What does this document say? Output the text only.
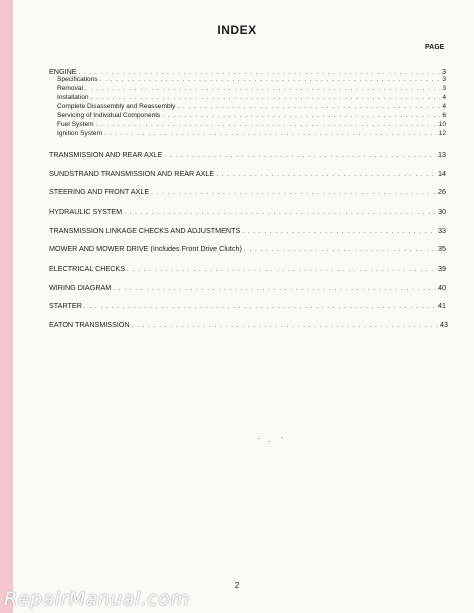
INDEX
PAGE
ENGINE . . .	3
Specifications . . .	3
Removal . . .	3
Installation . . .	4
Complete Disassembly and Reassembly . . .	4
Servicing of Individual Components . . .	6
Fuel System . . .	10
Ignition System . . .	12
TRANSMISSION AND REAR AXLE . . .	13
SUNDSTRAND TRANSMISSION AND REAR AXLE . . .	14
STEERING AND FRONT AXLE . . .	26
HYDRAULIC SYSTEM . . .	30
TRANSMISSION LINKAGE CHECKS AND ADJUSTMENTS . . .	33
MOWER AND MOWER DRIVE (Includes Front Drive Clutch) . . .	35
ELECTRICAL CHECKS . . .	39
WIRING DIAGRAM . . .	40
STARTER . . .	41
EATON TRANSMISSION . . .	43
2
RepairManual.com
